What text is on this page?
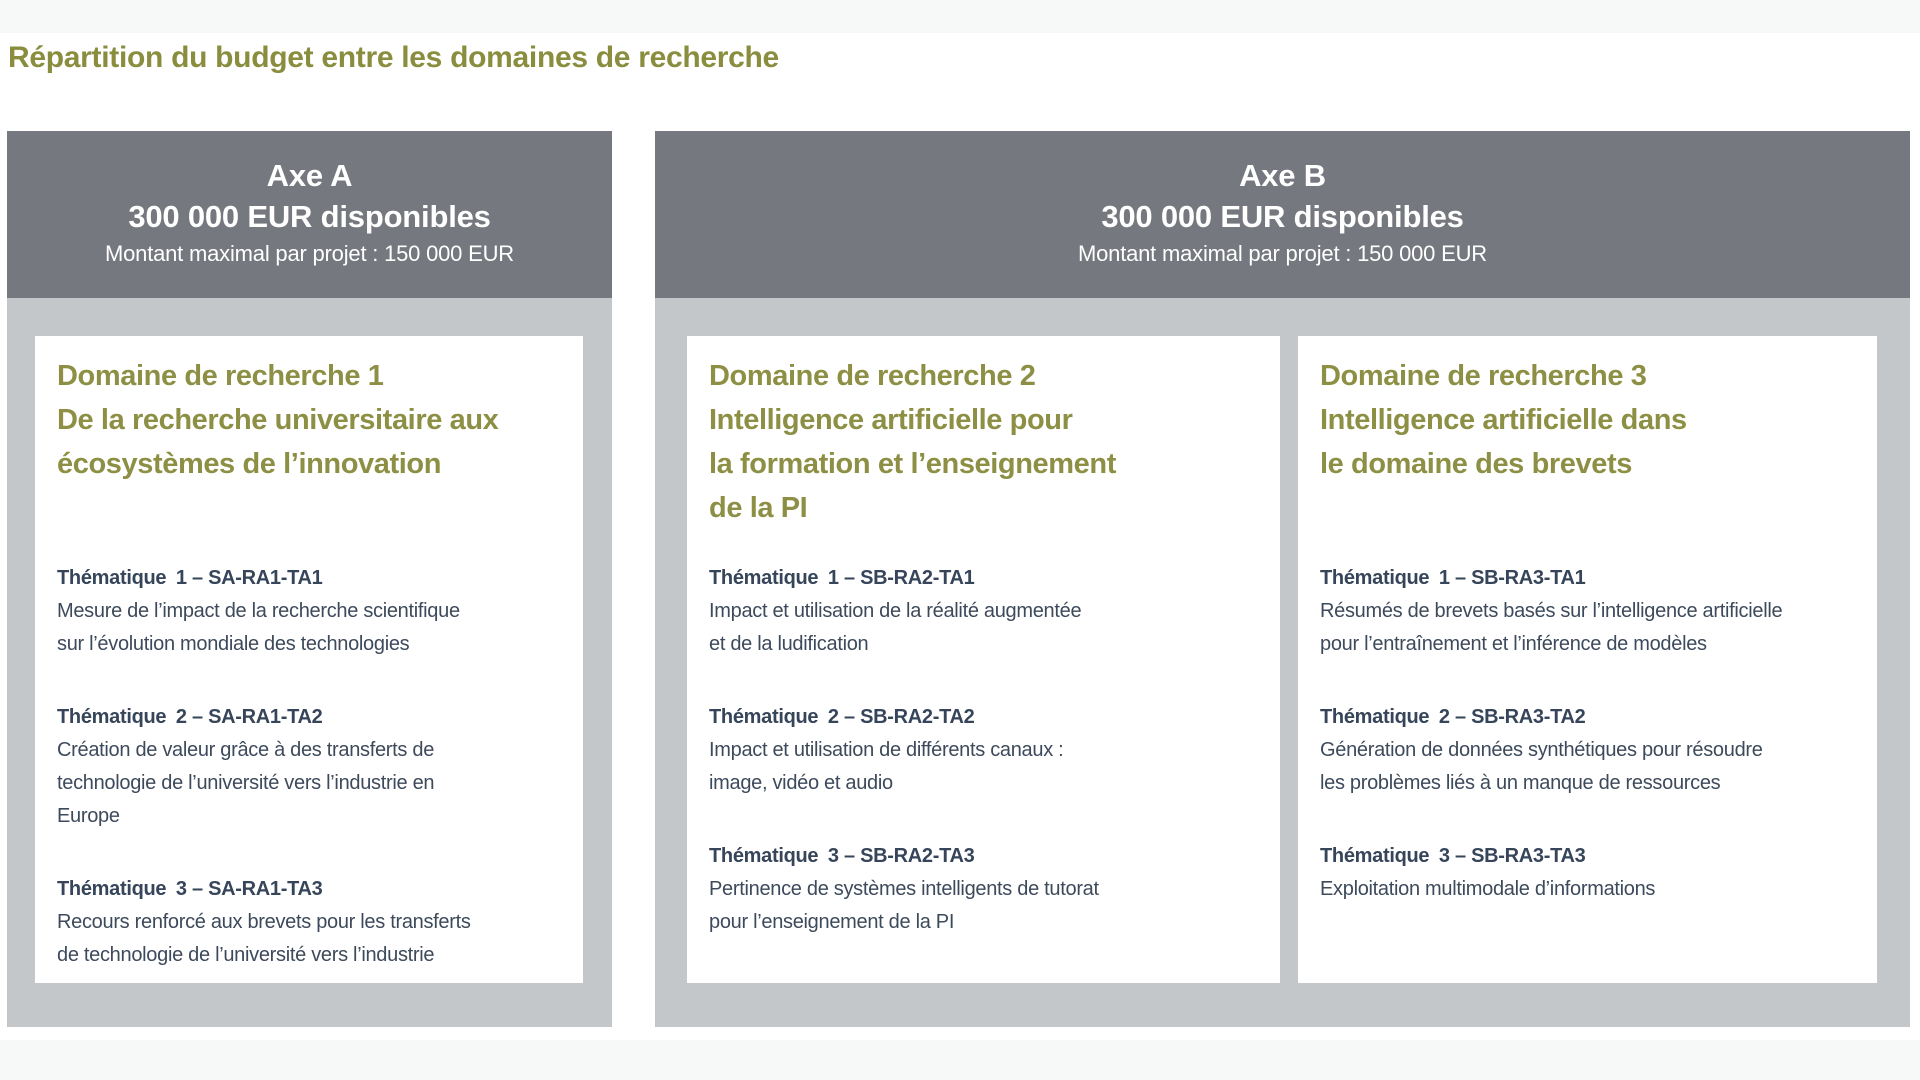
Répartition du budget entre les domaines de recherche
Axe A
300 000 EUR disponibles
Montant maximal par projet : 150 000 EUR
Domaine de recherche 1
De la recherche universitaire aux
écosystèmes de l’innovation
Thématique 1 – SA-RA1-TA1
Mesure de l’impact de la recherche scientifique
sur l’évolution mondiale des technologies
Thématique 2 – SA-RA1-TA2
Création de valeur grâce à des transferts de
technologie de l’université vers l’industrie en
Europe
Thématique 3 – SA-RA1-TA3
Recours renforcé aux brevets pour les transferts
de technologie de l’université vers l’industrie
Axe B
300 000 EUR disponibles
Montant maximal par projet : 150 000 EUR
Domaine de recherche 2
Intelligence artificielle pour
la formation et l’enseignement
de la PI
Thématique 1 – SB-RA2-TA1
Impact et utilisation de la réalité augmentée
et de la ludification
Thématique 2 – SB-RA2-TA2
Impact et utilisation de différents canaux :
image, vidéo et audio
Thématique 3 – SB-RA2-TA3
Pertinence de systèmes intelligents de tutorat
pour l’enseignement de la PI
Domaine de recherche 3
Intelligence artificielle dans
le domaine des brevets
Thématique 1 – SB-RA3-TA1
Résumés de brevets basés sur l’intelligence artificielle
pour l’entraînement et l’inférence de modèles
Thématique 2 – SB-RA3-TA2
Génération de données synthétiques pour résoudre
les problèmes liés à un manque de ressources
Thématique 3 – SB-RA3-TA3
Exploitation multimodale d’informations
